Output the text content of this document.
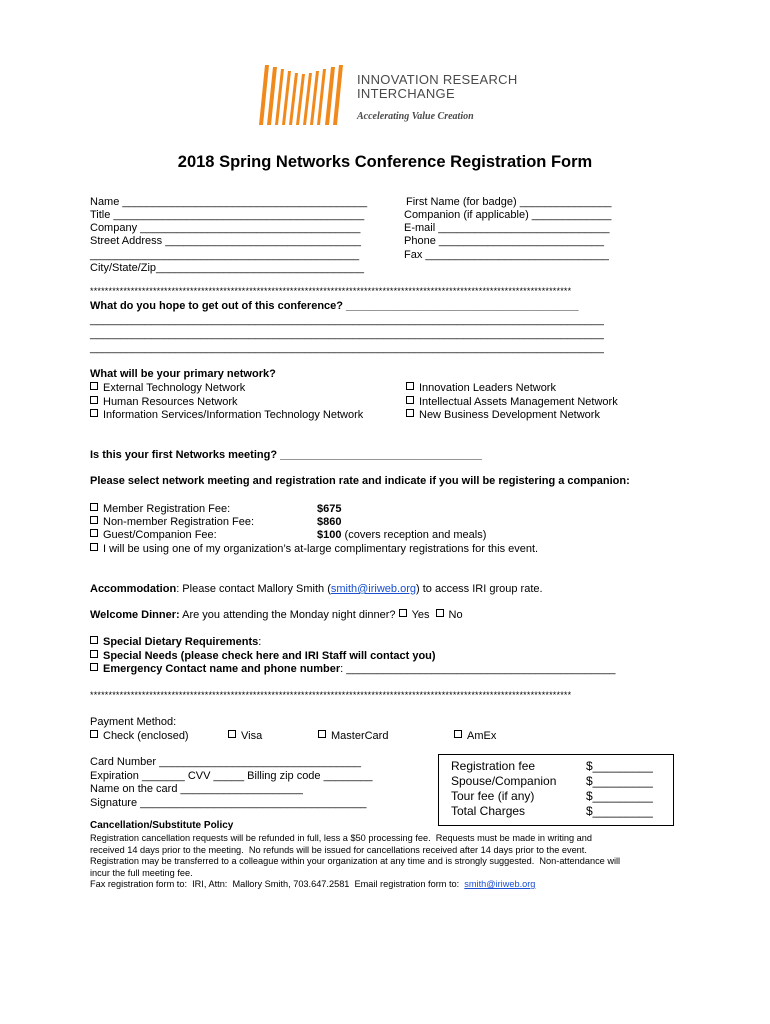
INNOVATION RESEARCH
INTERCHANGE
Accelerating Value Creation
2018 Spring Networks Conference Registration Form
Name ________________________________________
Title _________________________________________
Company ____________________________________
Street Address ________________________________
____________________________________________
City/State/Zip__________________________________
First Name (for badge) _______________
Companion (if applicable) _____________
E-mail ____________________________
Phone ___________________________
Fax ______________________________
**********************************************************************************************************************************
What do you hope to get out of this conference? ______________________________________
____________________________________________________________________________________
____________________________________________________________________________________
____________________________________________________________________________________
What will be your primary network?
External Technology Network
Human Resources Network
Information Services/Information Technology Network
Innovation Leaders Network
Intellectual Assets Management Network
New Business Development Network
Is this your first Networks meeting? _________________________________
Please select network meeting and registration rate and indicate if you will be registering a companion:
Member Registration Fee:	$675
Non-member Registration Fee:	$860
Guest/Companion Fee:	$100 (covers reception and meals)
I will be using one of my organization’s at-large complimentary registrations for this event.
Accommodation: Please contact Mallory Smith (smith@iriweb.org) to access IRI group rate.
Welcome Dinner: Are you attending the Monday night dinner? Yes No
Special Dietary Requirements:
Special Needs (please check here and IRI Staff will contact you)
Emergency Contact name and phone number: ____________________________________________
**********************************************************************************************************************************
Payment Method:
Check (enclosed)	Visa	MasterCard	AmEx
Card Number _________________________________
Expiration _______ CVV _____ Billing zip code ________
Name on the card ____________________
Signature _____________________________________
Registration fee	$_________
Spouse/Companion	$_________
Tour fee (if any)	$_________
Total Charges	$_________
Cancellation/Substitute Policy
Registration cancellation requests will be refunded in full, less a $50 processing fee.  Requests must be made in writing and
received 14 days prior to the meeting.  No refunds will be issued for cancellations received after 14 days prior to the event.
Registration may be transferred to a colleague within your organization at any time and is strongly suggested.  Non-attendance will
incur the full meeting fee.
Fax registration form to:  IRI, Attn:  Mallory Smith, 703.647.2581  Email registration form to:  smith@iriweb.org
